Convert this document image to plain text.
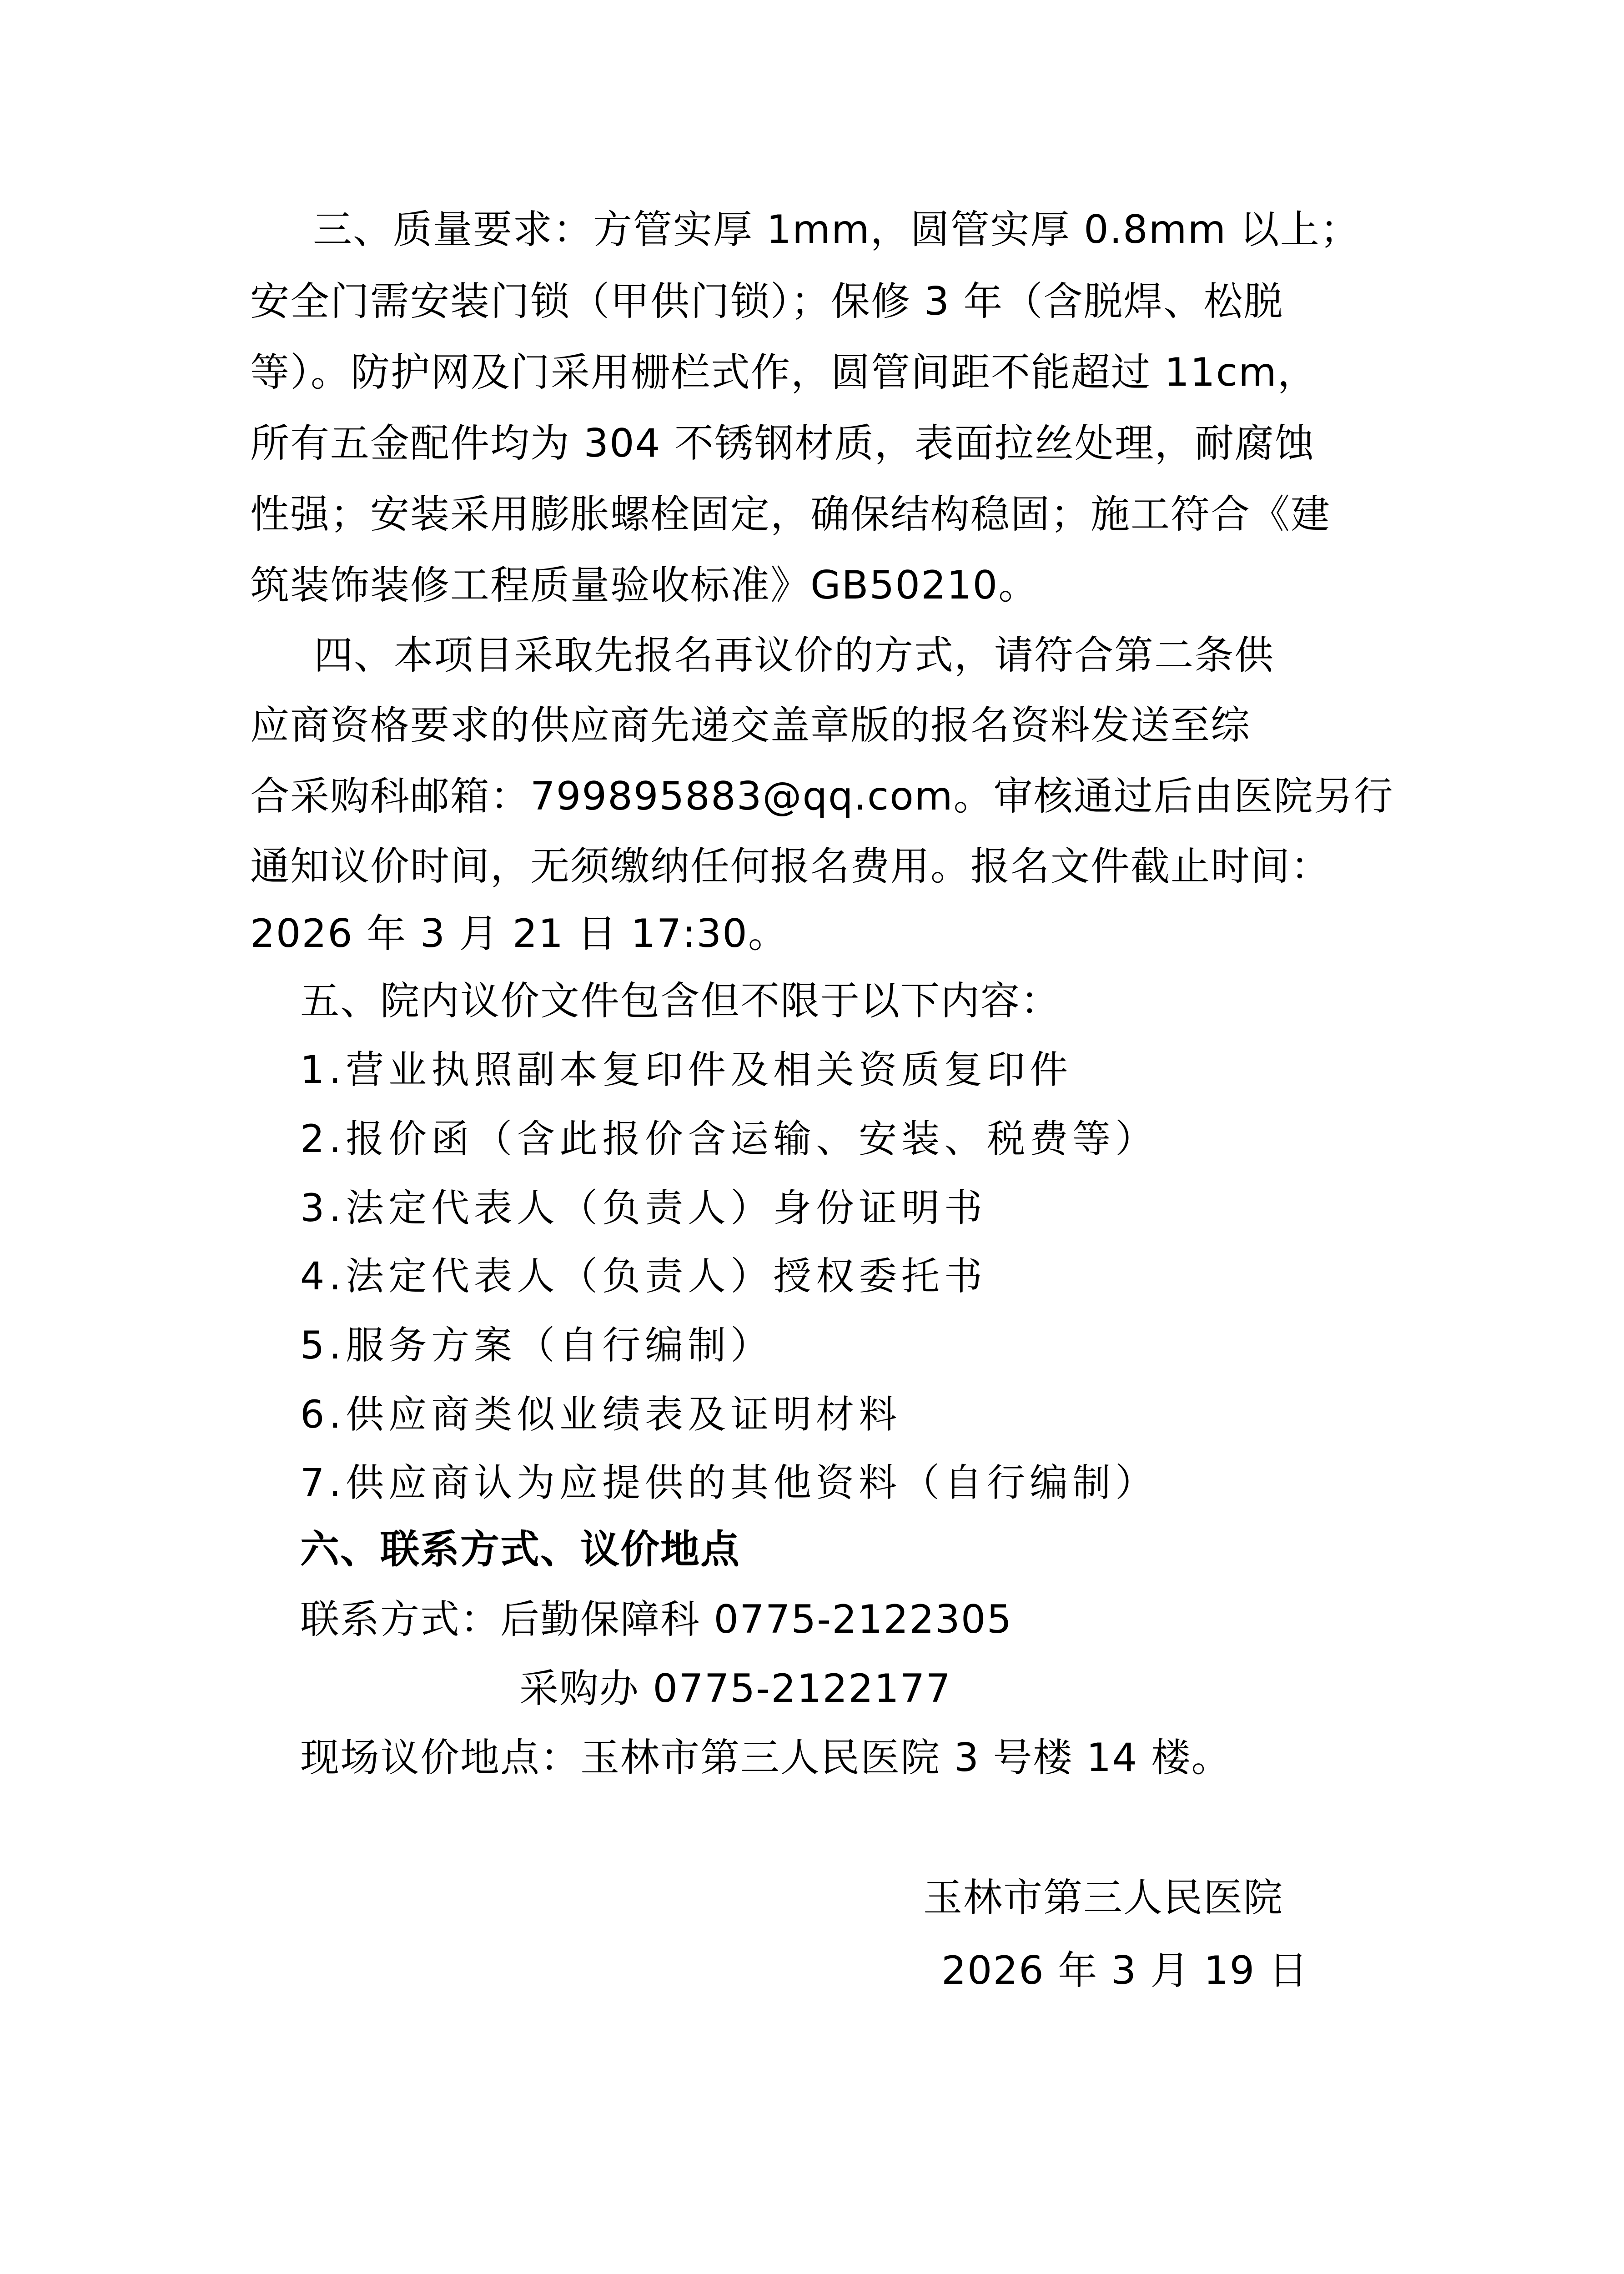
　三、质量要求：方管实厚 1mm，圆管实厚 0.8mm 以上；
安全门需安装门锁（甲供门锁）；保修 3 年（含脱焊、松脱
等）。防护网及门采用栅栏式作，圆管间距不能超过 11cm，
所有五金配件均为 304 不锈钢材质，表面拉丝处理，耐腐蚀
性强；安装采用膨胀螺栓固定，确保结构稳固；施工符合《建
筑装饰装修工程质量验收标准》GB50210。
四、本项目采取先报名再议价的方式，请符合第二条供
应商资格要求的供应商先递交盖章版的报名资料发送至综
合采购科邮箱：799895883@qq.com。审核通过后由医院另行
通知议价时间，无须缴纳任何报名费用。报名文件截止时间：
2026 年 3 月 21 日 17:30。
五、院内议价文件包含但不限于以下内容：
1.营业执照副本复印件及相关资质复印件
2.报价函（含此报价含运输、安装、税费等）
3.法定代表人（负责人）身份证明书
4.法定代表人（负责人）授权委托书
5.服务方案（自行编制）
6.供应商类似业绩表及证明材料
7.供应商认为应提供的其他资料（自行编制）
六、联系方式、议价地点
联系方式：后勤保障科 0775-2122305
采购办 0775-2122177
现场议价地点：玉林市第三人民医院 3 号楼 14 楼。
玉林市第三人民医院
2026 年 3 月 19 日
